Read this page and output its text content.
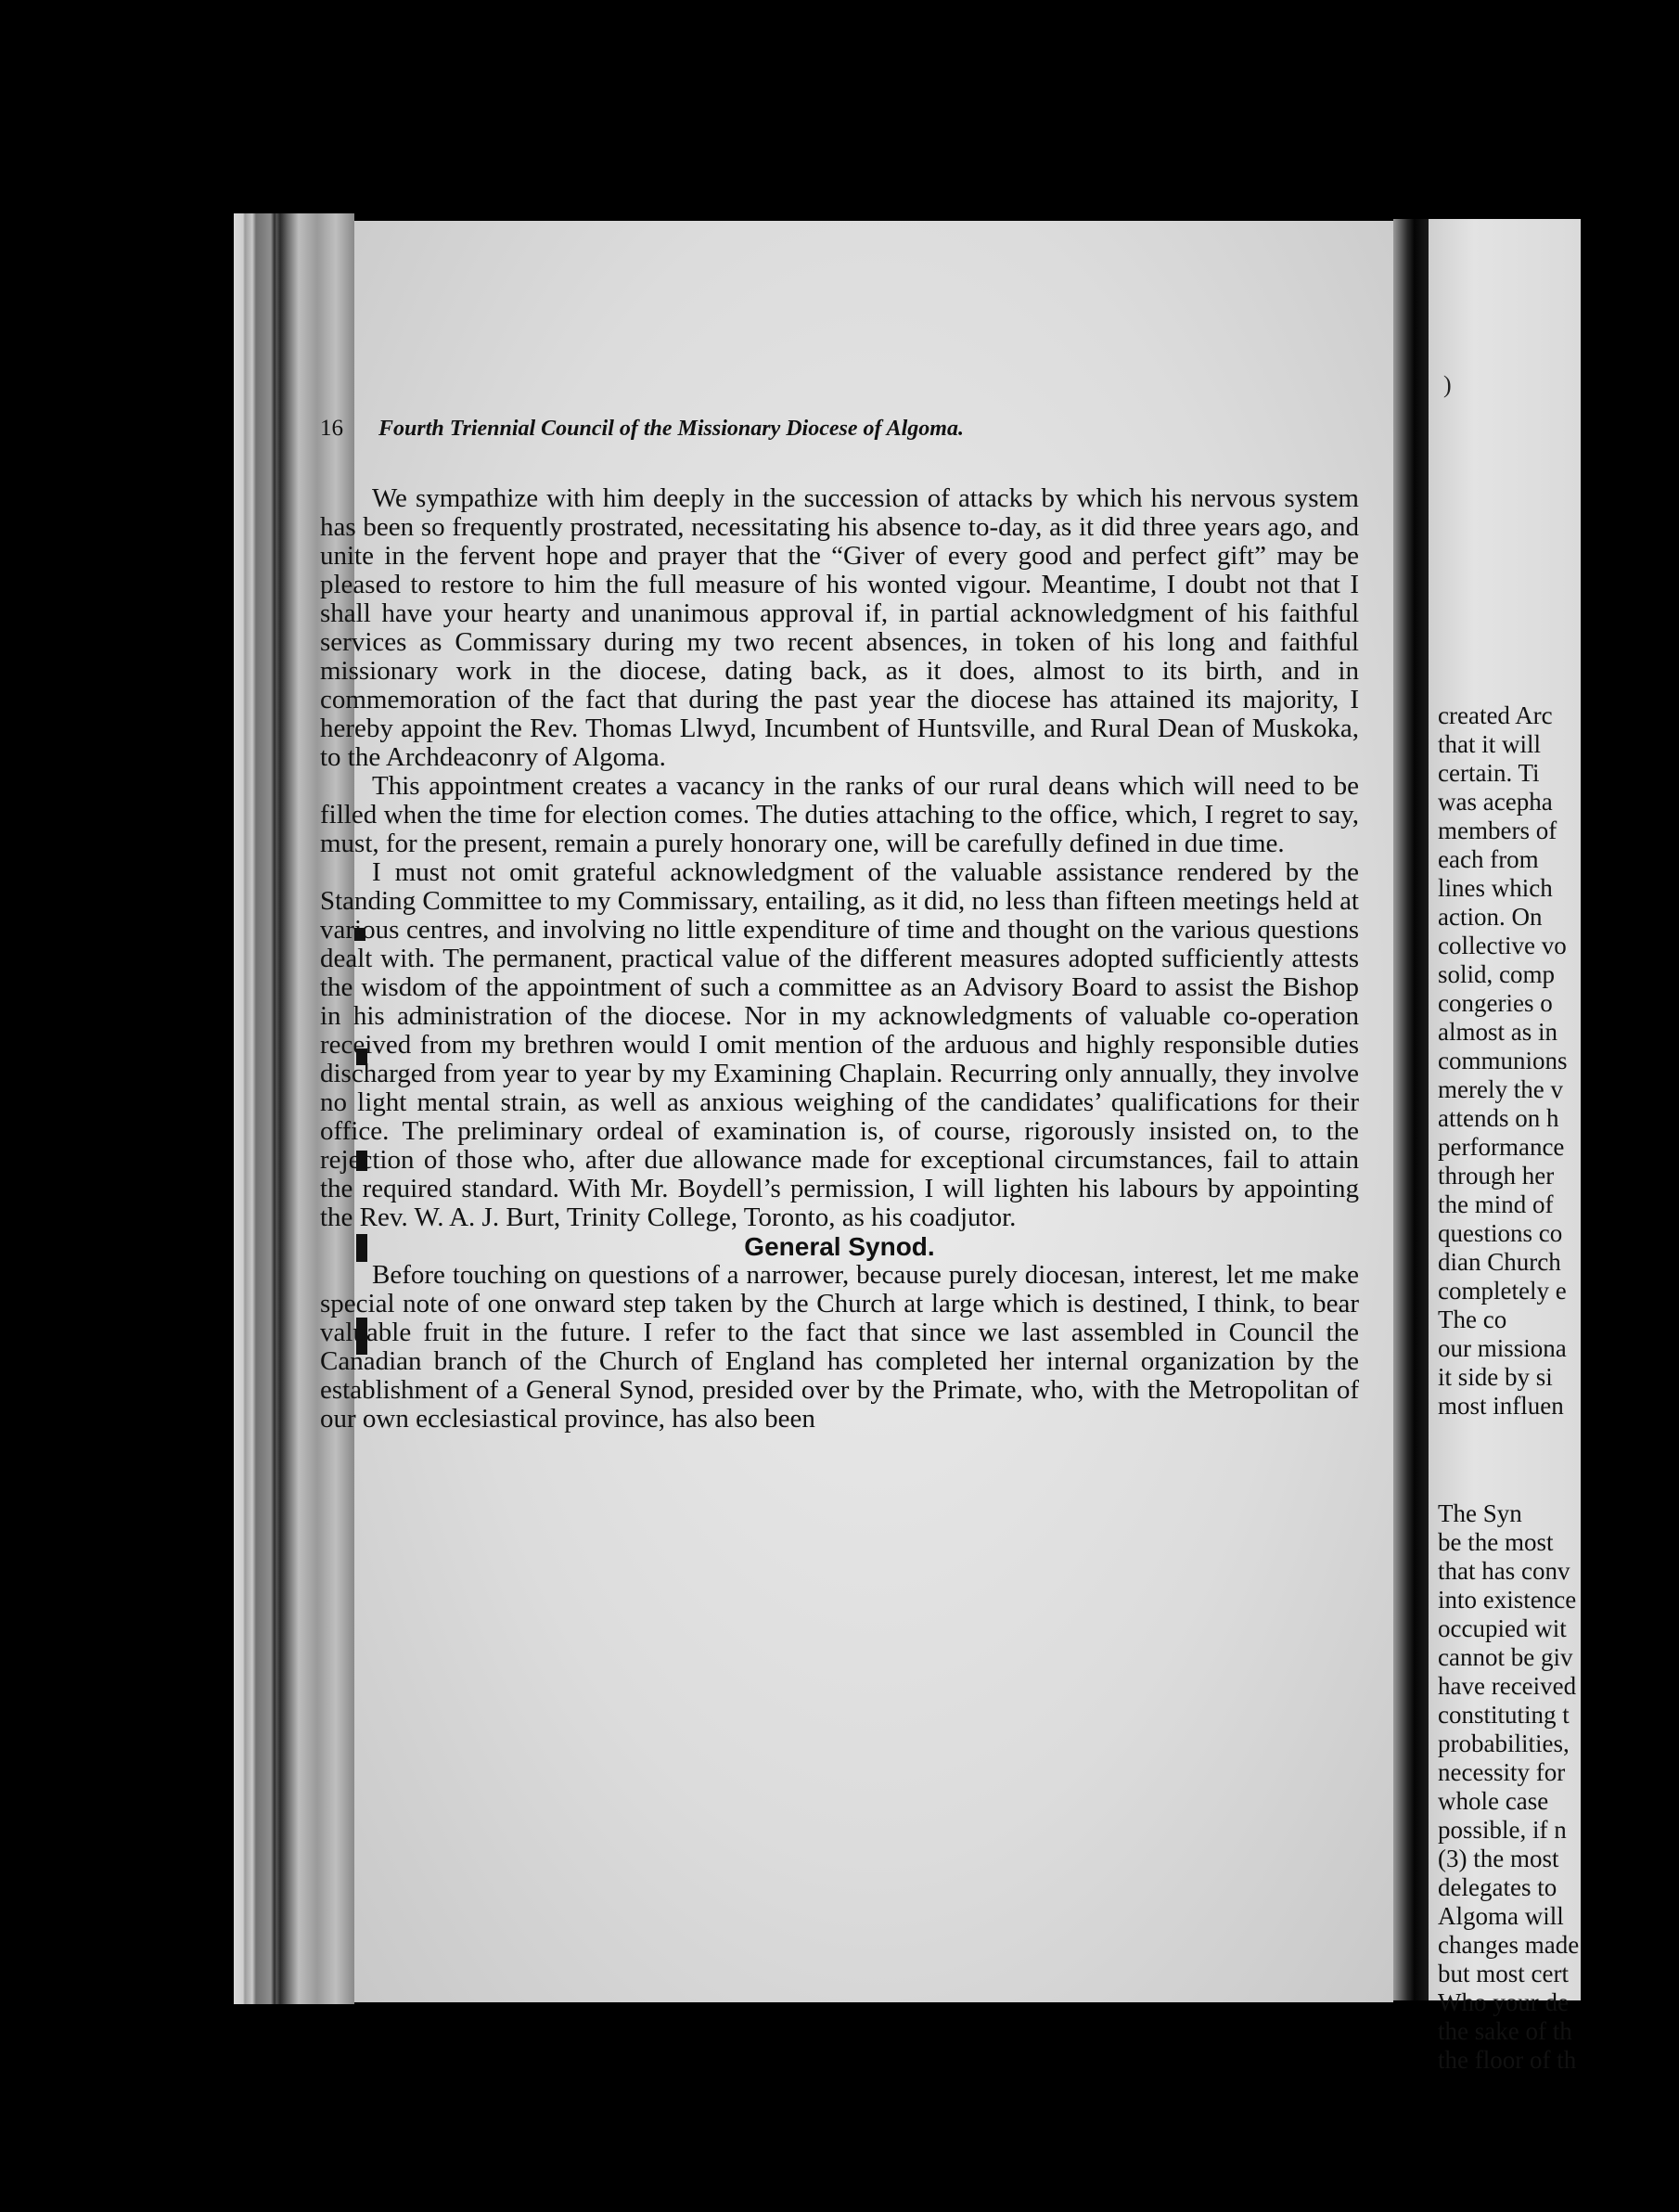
created Arc
that it will
certain. Ti
was acepha
members of
each from
lines which
action. On
collective vo
solid, comp
congeries o
almost as in
communions
merely the v
attends on h
performance
through her
the mind of
questions co
dian Church
completely e
The co
our missiona
it side by si
most influen
The Syn
be the most
that has conv
into existence
occupied wit
cannot be giv
have received
constituting t
probabilities,
necessity for
whole case
possible, if n
(3) the most
delegates to
Algoma will
changes made
but most cert
Who your de
the sake of th
the floor of th
)
16 Fourth Triennial Council of the Missionary Diocese of Algoma.

We sympathize with him deeply in the succession of attacks by which his nervous system has been so frequently prostrated, necessitating his absence to-day, as it did three years ago, and unite in the fervent hope and prayer that the “Giver of every good and perfect gift” may be pleased to restore to him the full measure of his wonted vigour. Meantime, I doubt not that I shall have your hearty and unanimous approval if, in partial acknowledgment of his faithful services as Commissary during my two recent absences, in token of his long and faithful missionary work in the diocese, dating back, as it does, almost to its birth, and in commemoration of the fact that during the past year the diocese has attained its majority, I hereby appoint the Rev. Thomas Llwyd, Incumbent of Huntsville, and Rural Dean of Muskoka, to the Archdeaconry of Algoma.

This appointment creates a vacancy in the ranks of our rural deans which will need to be filled when the time for election comes. The duties attaching to the office, which, I regret to say, must, for the present, remain a purely honorary one, will be carefully defined in due time.

I must not omit grateful acknowledgment of the valuable assistance rendered by the Standing Committee to my Commissary, entailing, as it did, no less than fifteen meetings held at various centres, and involving no little expenditure of time and thought on the various questions dealt with. The permanent, practical value of the different measures adopted sufficiently attests the wisdom of the appointment of such a committee as an Advisory Board to assist the Bishop in his administration of the diocese. Nor in my acknowledgments of valuable co-operation received from my brethren would I omit mention of the arduous and highly responsible duties discharged from year to year by my Examining Chaplain. Recurring only annually, they involve no light mental strain, as well as anxious weighing of the candidates’ qualifications for their office. The preliminary ordeal of examination is, of course, rigorously insisted on, to the rejection of those who, after due allowance made for exceptional circumstances, fail to attain the required standard. With Mr. Boydell’s permission, I will lighten his labours by appointing the Rev. W. A. J. Burt, Trinity College, Toronto, as his coadjutor.

General Synod.

Before touching on questions of a narrower, because purely diocesan, interest, let me make special note of one onward step taken by the Church at large which is destined, I think, to bear valuable fruit in the future. I refer to the fact that since we last assembled in Council the Canadian branch of the Church of England has completed her internal organization by the establishment of a General Synod, presided over by the Primate, who, with the Metropolitan of our own ecclesiastical province, has also been
